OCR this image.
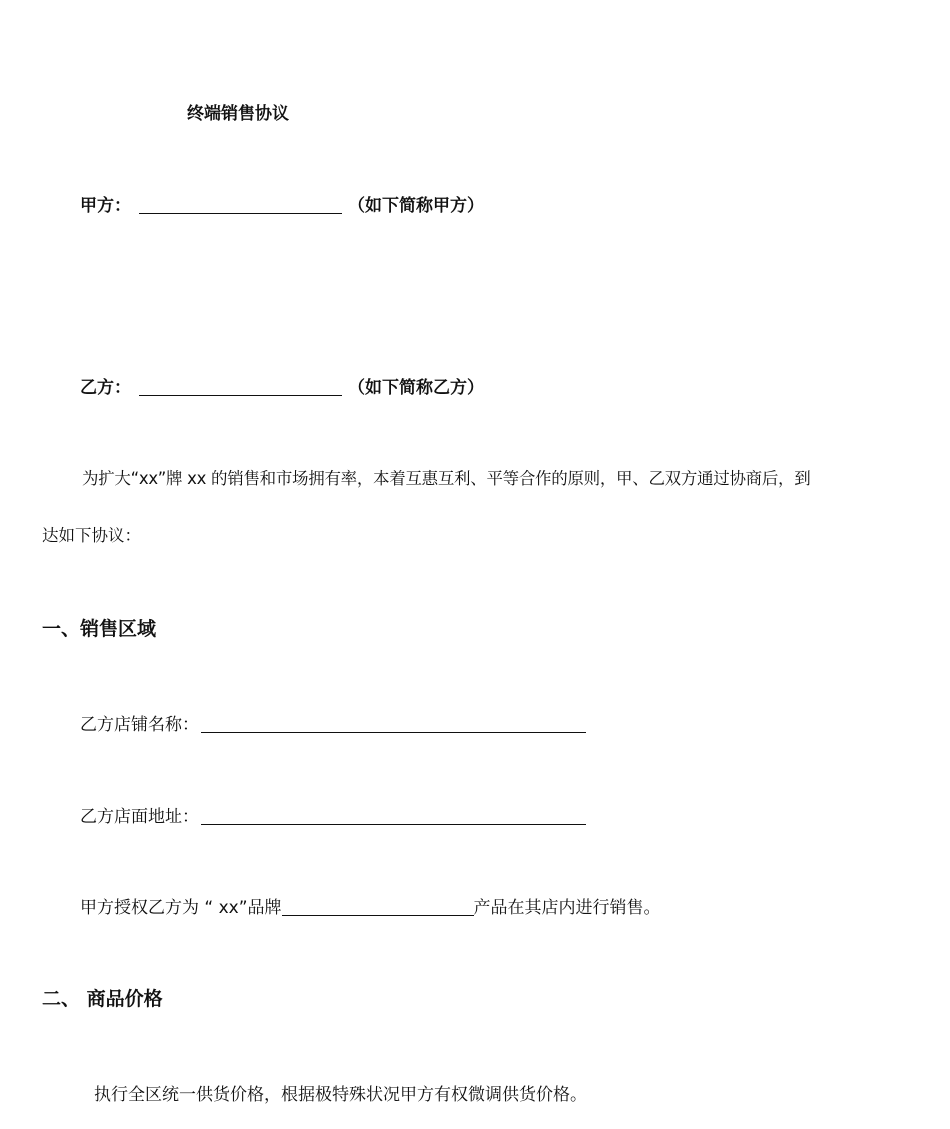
终端销售协议
甲方：	（如下简称甲方）
乙方：	（如下简称乙方）
为扩大“xx”牌 xx 的销售和市场拥有率，本着互惠互利、平等合作的原则，甲、乙双方通过协商后，到
达如下协议：
一、销售区域
乙方店铺名称：
乙方店面地址：
甲方授权乙方为 “ xx”品牌	产品在其店内进行销售。
二、 商品价格
执行全区统一供货价格，根据极特殊状况甲方有权微调供货价格。
